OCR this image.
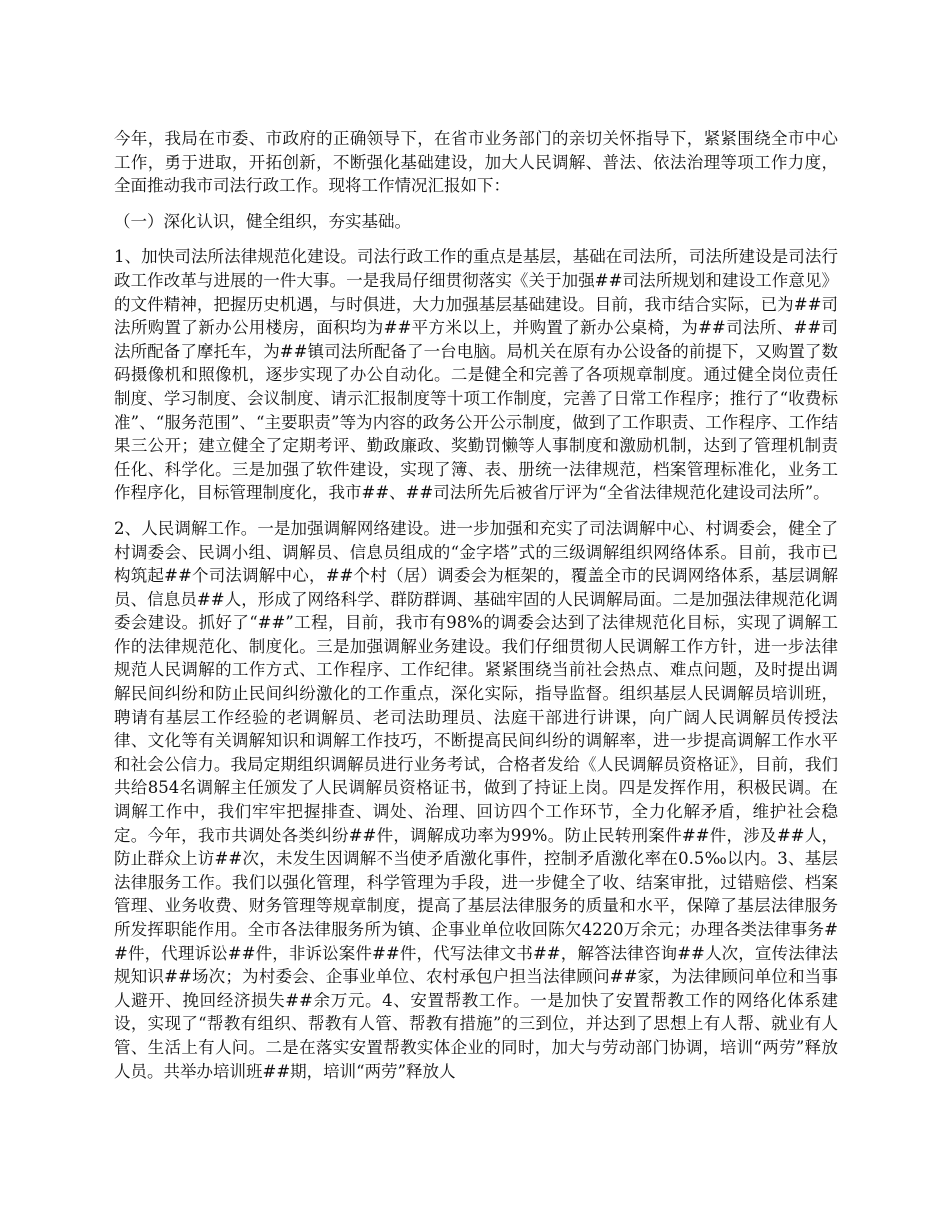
今年，我局在市委、市政府的正确领导下，在省市业务部门的亲切关怀指导下，紧紧围绕全市中心工作，勇于进取，开拓创新，不断强化基础建设，加大人民调解、普法、依法治理等项工作力度，全面推动我市司法行政工作。现将工作情况汇报如下：

（一）深化认识，健全组织，夯实基础。

1、加快司法所法律规范化建设。司法行政工作的重点是基层，基础在司法所，司法所建设是司法行政工作改革与进展的一件大事。一是我局仔细贯彻落实《关于加强##司法所规划和建设工作意见》的文件精神，把握历史机遇，与时俱进，大力加强基层基础建设。目前，我市结合实际，已为##司法所购置了新办公用楼房，面积均为##平方米以上，并购置了新办公桌椅，为##司法所、##司法所配备了摩托车，为##镇司法所配备了一台电脑。局机关在原有办公设备的前提下，又购置了数码摄像机和照像机，逐步实现了办公自动化。二是健全和完善了各项规章制度。通过健全岗位责任制度、学习制度、会议制度、请示汇报制度等十项工作制度，完善了日常工作程序；推行了“收费标准”、“服务范围”、“主要职责”等为内容的政务公开公示制度，做到了工作职责、工作程序、工作结果三公开；建立健全了定期考评、勤政廉政、奖勤罚懒等人事制度和激励机制，达到了管理机制责任化、科学化。三是加强了软件建设，实现了簿、表、册统一法律规范，档案管理标准化，业务工作程序化，目标管理制度化，我市##、##司法所先后被省厅评为“全省法律规范化建设司法所”。

2、人民调解工作。一是加强调解网络建设。进一步加强和充实了司法调解中心、村调委会，健全了村调委会、民调小组、调解员、信息员组成的“金字塔”式的三级调解组织网络体系。目前，我市已构筑起##个司法调解中心，##个村（居）调委会为框架的，覆盖全市的民调网络体系，基层调解员、信息员##人，形成了网络科学、群防群调、基础牢固的人民调解局面。二是加强法律规范化调委会建设。抓好了“##”工程，目前，我市有98%的调委会达到了法律规范化目标，实现了调解工作的法律规范化、制度化。三是加强调解业务建设。我们仔细贯彻人民调解工作方针，进一步法律规范人民调解的工作方式、工作程序、工作纪律。紧紧围绕当前社会热点、难点问题，及时提出调解民间纠纷和防止民间纠纷激化的工作重点，深化实际，指导监督。组织基层人民调解员培训班，聘请有基层工作经验的老调解员、老司法助理员、法庭干部进行讲课，向广阔人民调解员传授法律、文化等有关调解知识和调解工作技巧，不断提高民间纠纷的调解率，进一步提高调解工作水平和社会公信力。我局定期组织调解员进行业务考试，合格者发给《人民调解员资格证》，目前，我们共给854名调解主任颁发了人民调解员资格证书，做到了持证上岗。四是发挥作用，积极民调。在调解工作中，我们牢牢把握排查、调处、治理、回访四个工作环节，全力化解矛盾，维护社会稳定。今年，我市共调处各类纠纷##件，调解成功率为99%。防止民转刑案件##件，涉及##人，防止群众上访##次，未发生因调解不当使矛盾激化事件，控制矛盾激化率在0.5‰以内。3、基层法律服务工作。我们以强化管理，科学管理为手段，进一步健全了收、结案审批，过错赔偿、档案管理、业务收费、财务管理等规章制度，提高了基层法律服务的质量和水平，保障了基层法律服务所发挥职能作用。全市各法律服务所为镇、企事业单位收回陈欠4220万余元；办理各类法律事务##件，代理诉讼##件，非诉讼案件##件，代写法律文书##，解答法律咨询##人次，宣传法律法规知识##场次；为村委会、企事业单位、农村承包户担当法律顾问##家，为法律顾问单位和当事人避开、挽回经济损失##余万元。4、安置帮教工作。一是加快了安置帮教工作的网络化体系建设，实现了“帮教有组织、帮教有人管、帮教有措施”的三到位，并达到了思想上有人帮、就业有人管、生活上有人问。二是在落实安置帮教实体企业的同时，加大与劳动部门协调，培训“两劳”释放人员。共举办培训班##期，培训“两劳”释放人
